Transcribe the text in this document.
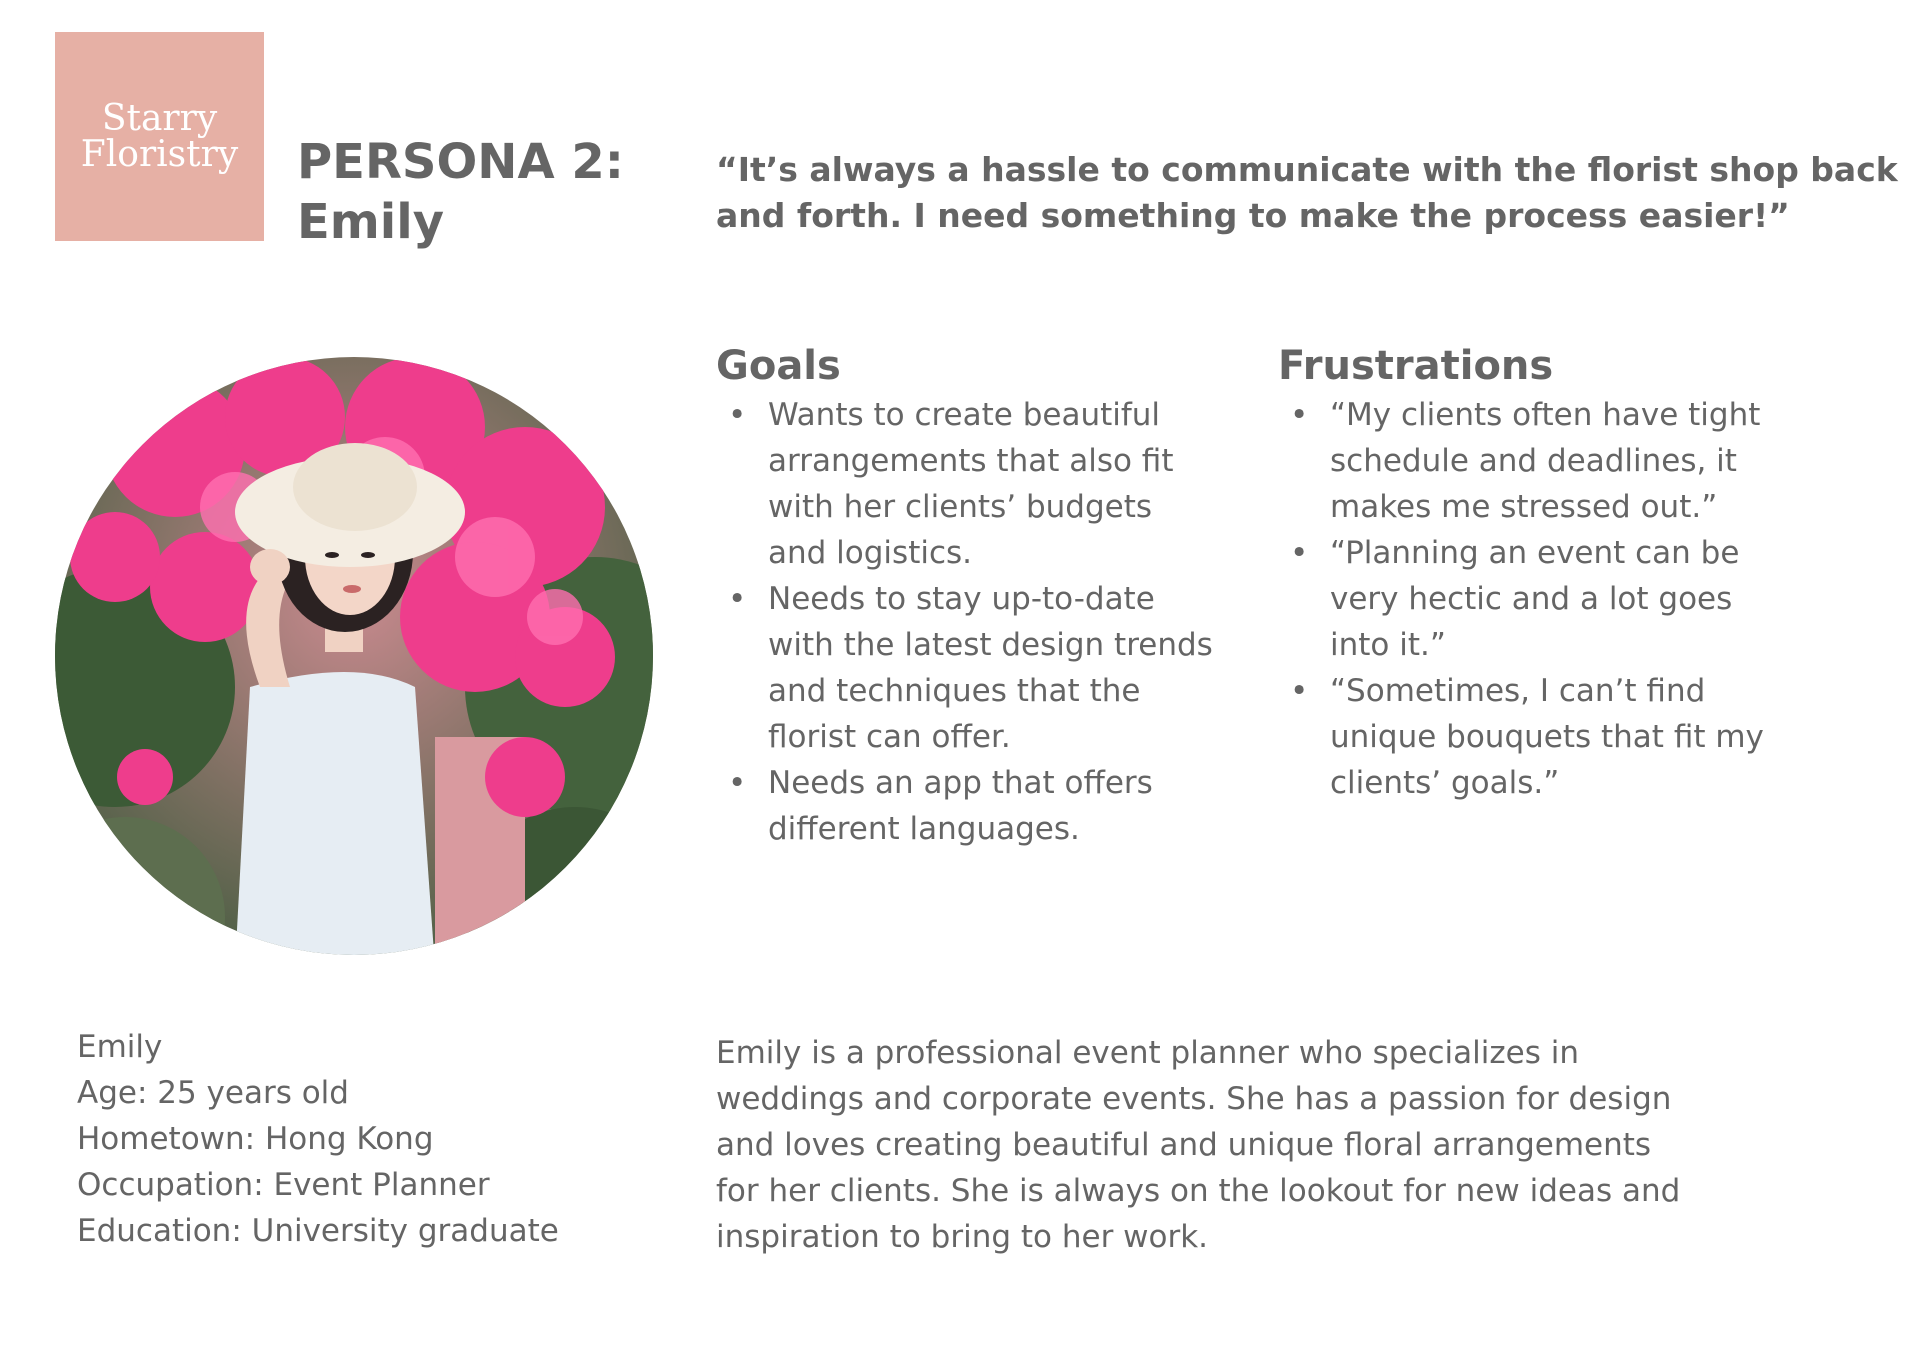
Starry
Floristry PERSONA 2:
Emily
“It’s always a hassle to communicate with the florist shop back
and forth. I need something to make the process easier!”
Goals
• Wants to create beautiful
arrangements that also fit
with her clients’ budgets
and logistics.
• Needs to stay up-to-date
with the latest design trends
and techniques that the
florist can offer.
• Needs an app that offers
different languages.
Frustrations
• “My clients often have tight
schedule and deadlines, it
makes me stressed out.”
• “Planning an event can be
very hectic and a lot goes
into it.”
• “Sometimes, I can’t find
unique bouquets that fit my
clients’ goals.”
Emily
Age: 25 years old
Hometown: Hong Kong
Occupation: Event Planner
Education: University graduate
Emily is a professional event planner who specializes in
weddings and corporate events. She has a passion for design
and loves creating beautiful and unique floral arrangements
for her clients. She is always on the lookout for new ideas and
inspiration to bring to her work.
